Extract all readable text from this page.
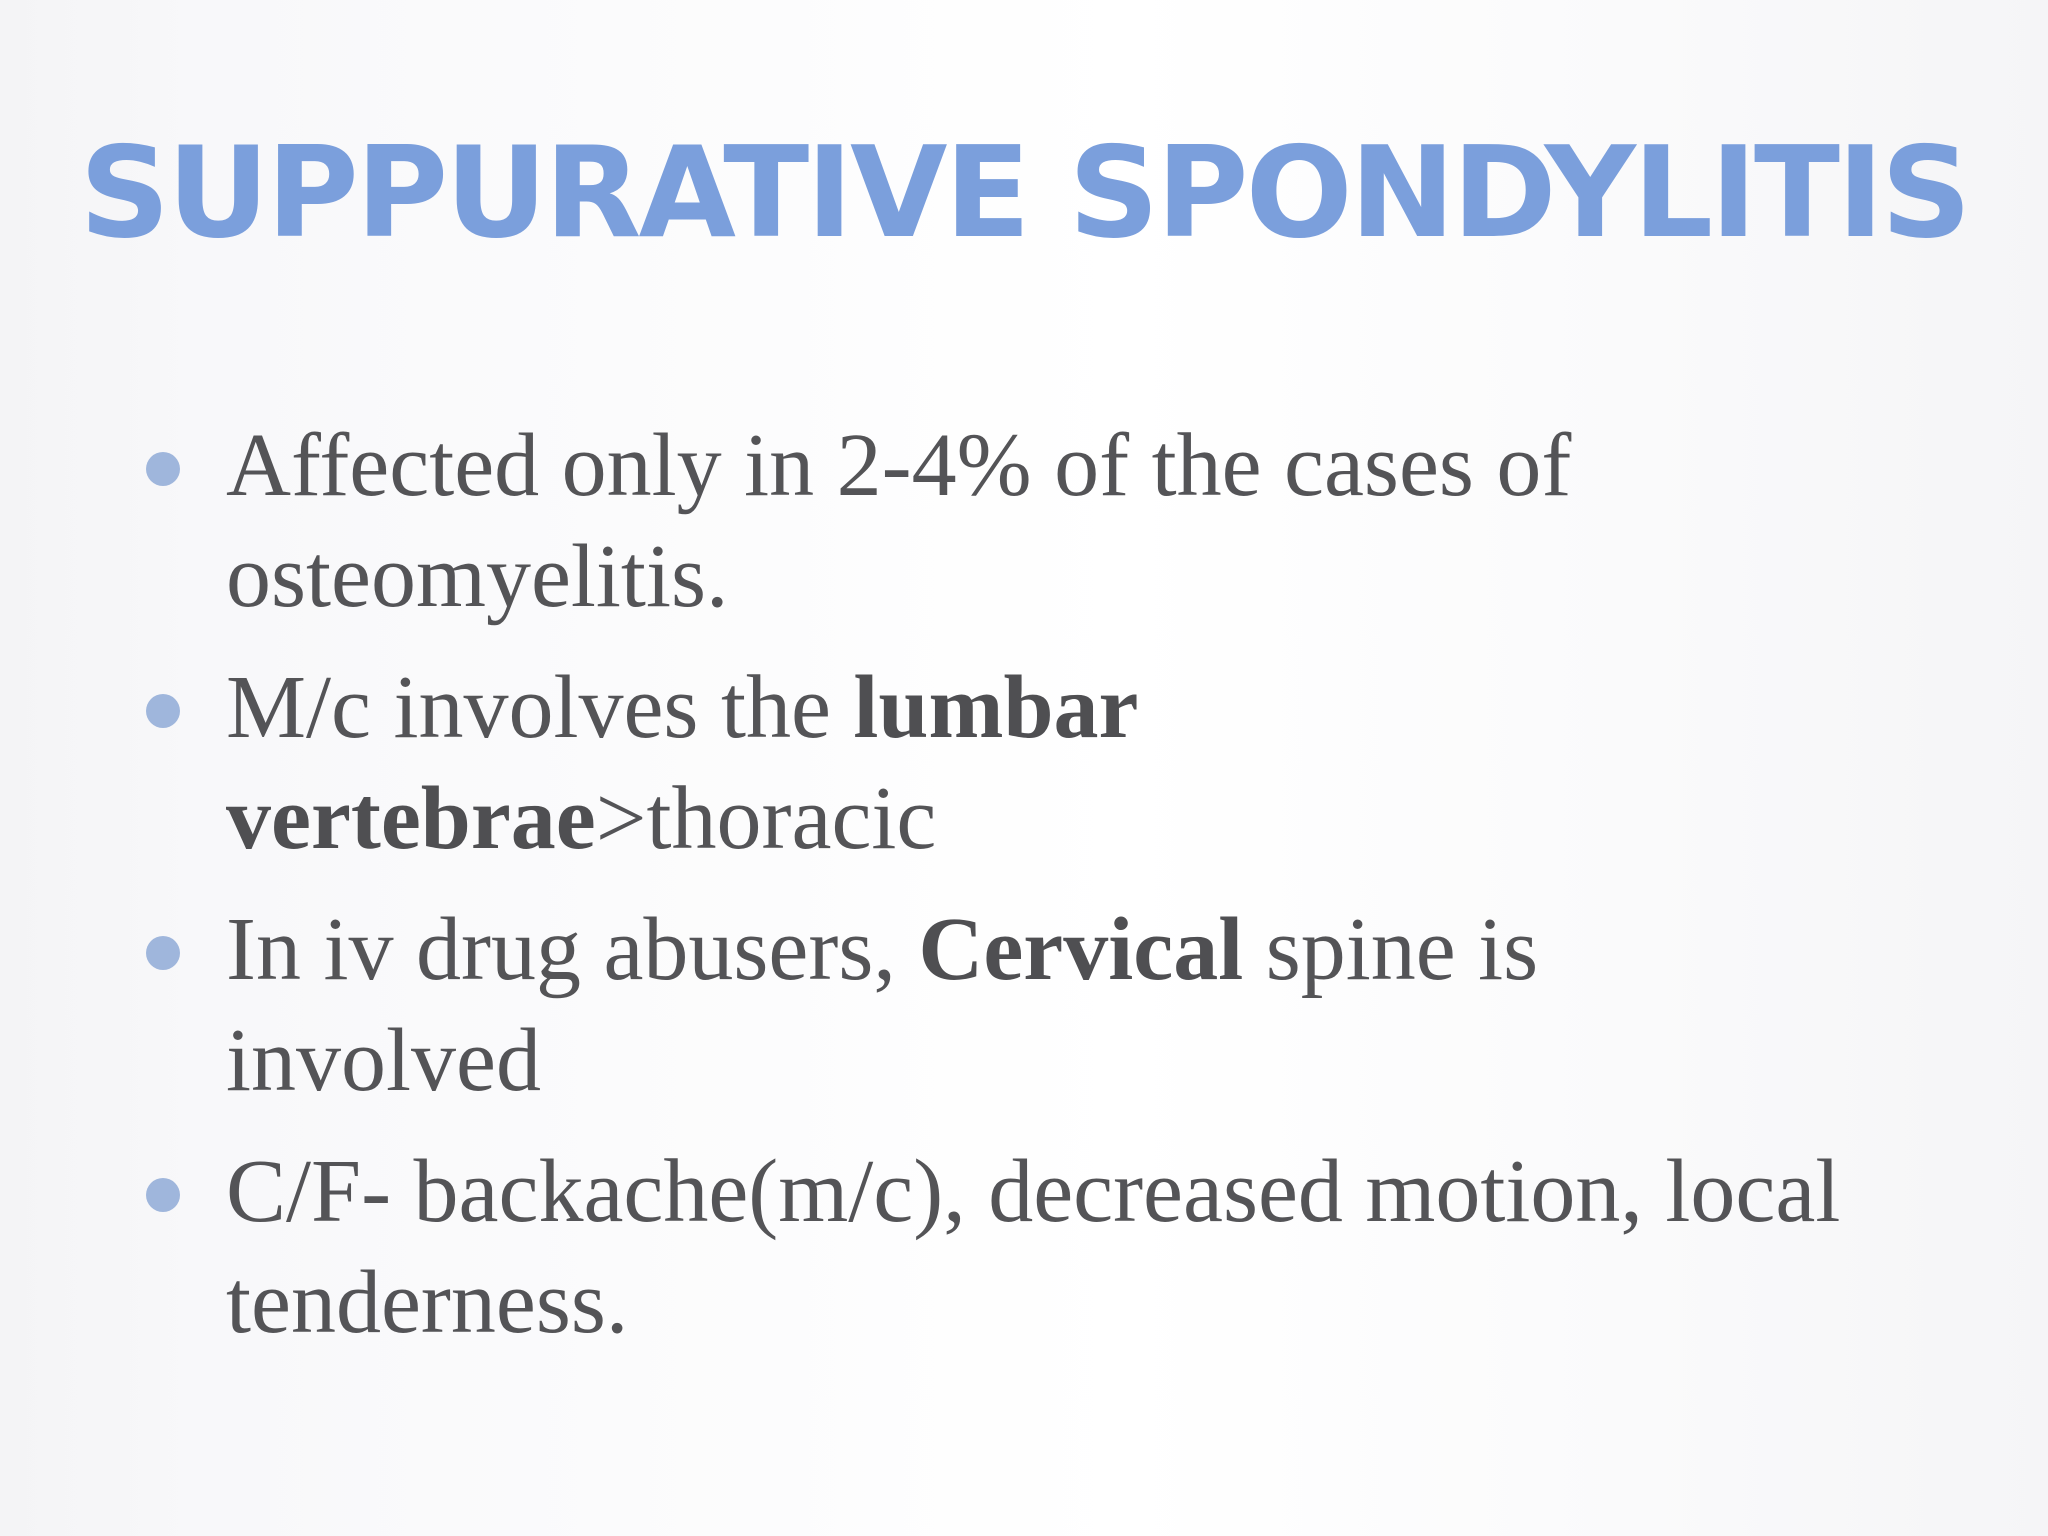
SUPPURATIVE SPONDYLITIS
Affected only in 2-4% of the cases of osteomyelitis.
M/c involves the lumbar vertebrae>thoracic
In iv drug abusers, Cervical spine is involved
C/F- backache(m/c), decreased motion, local tenderness.
